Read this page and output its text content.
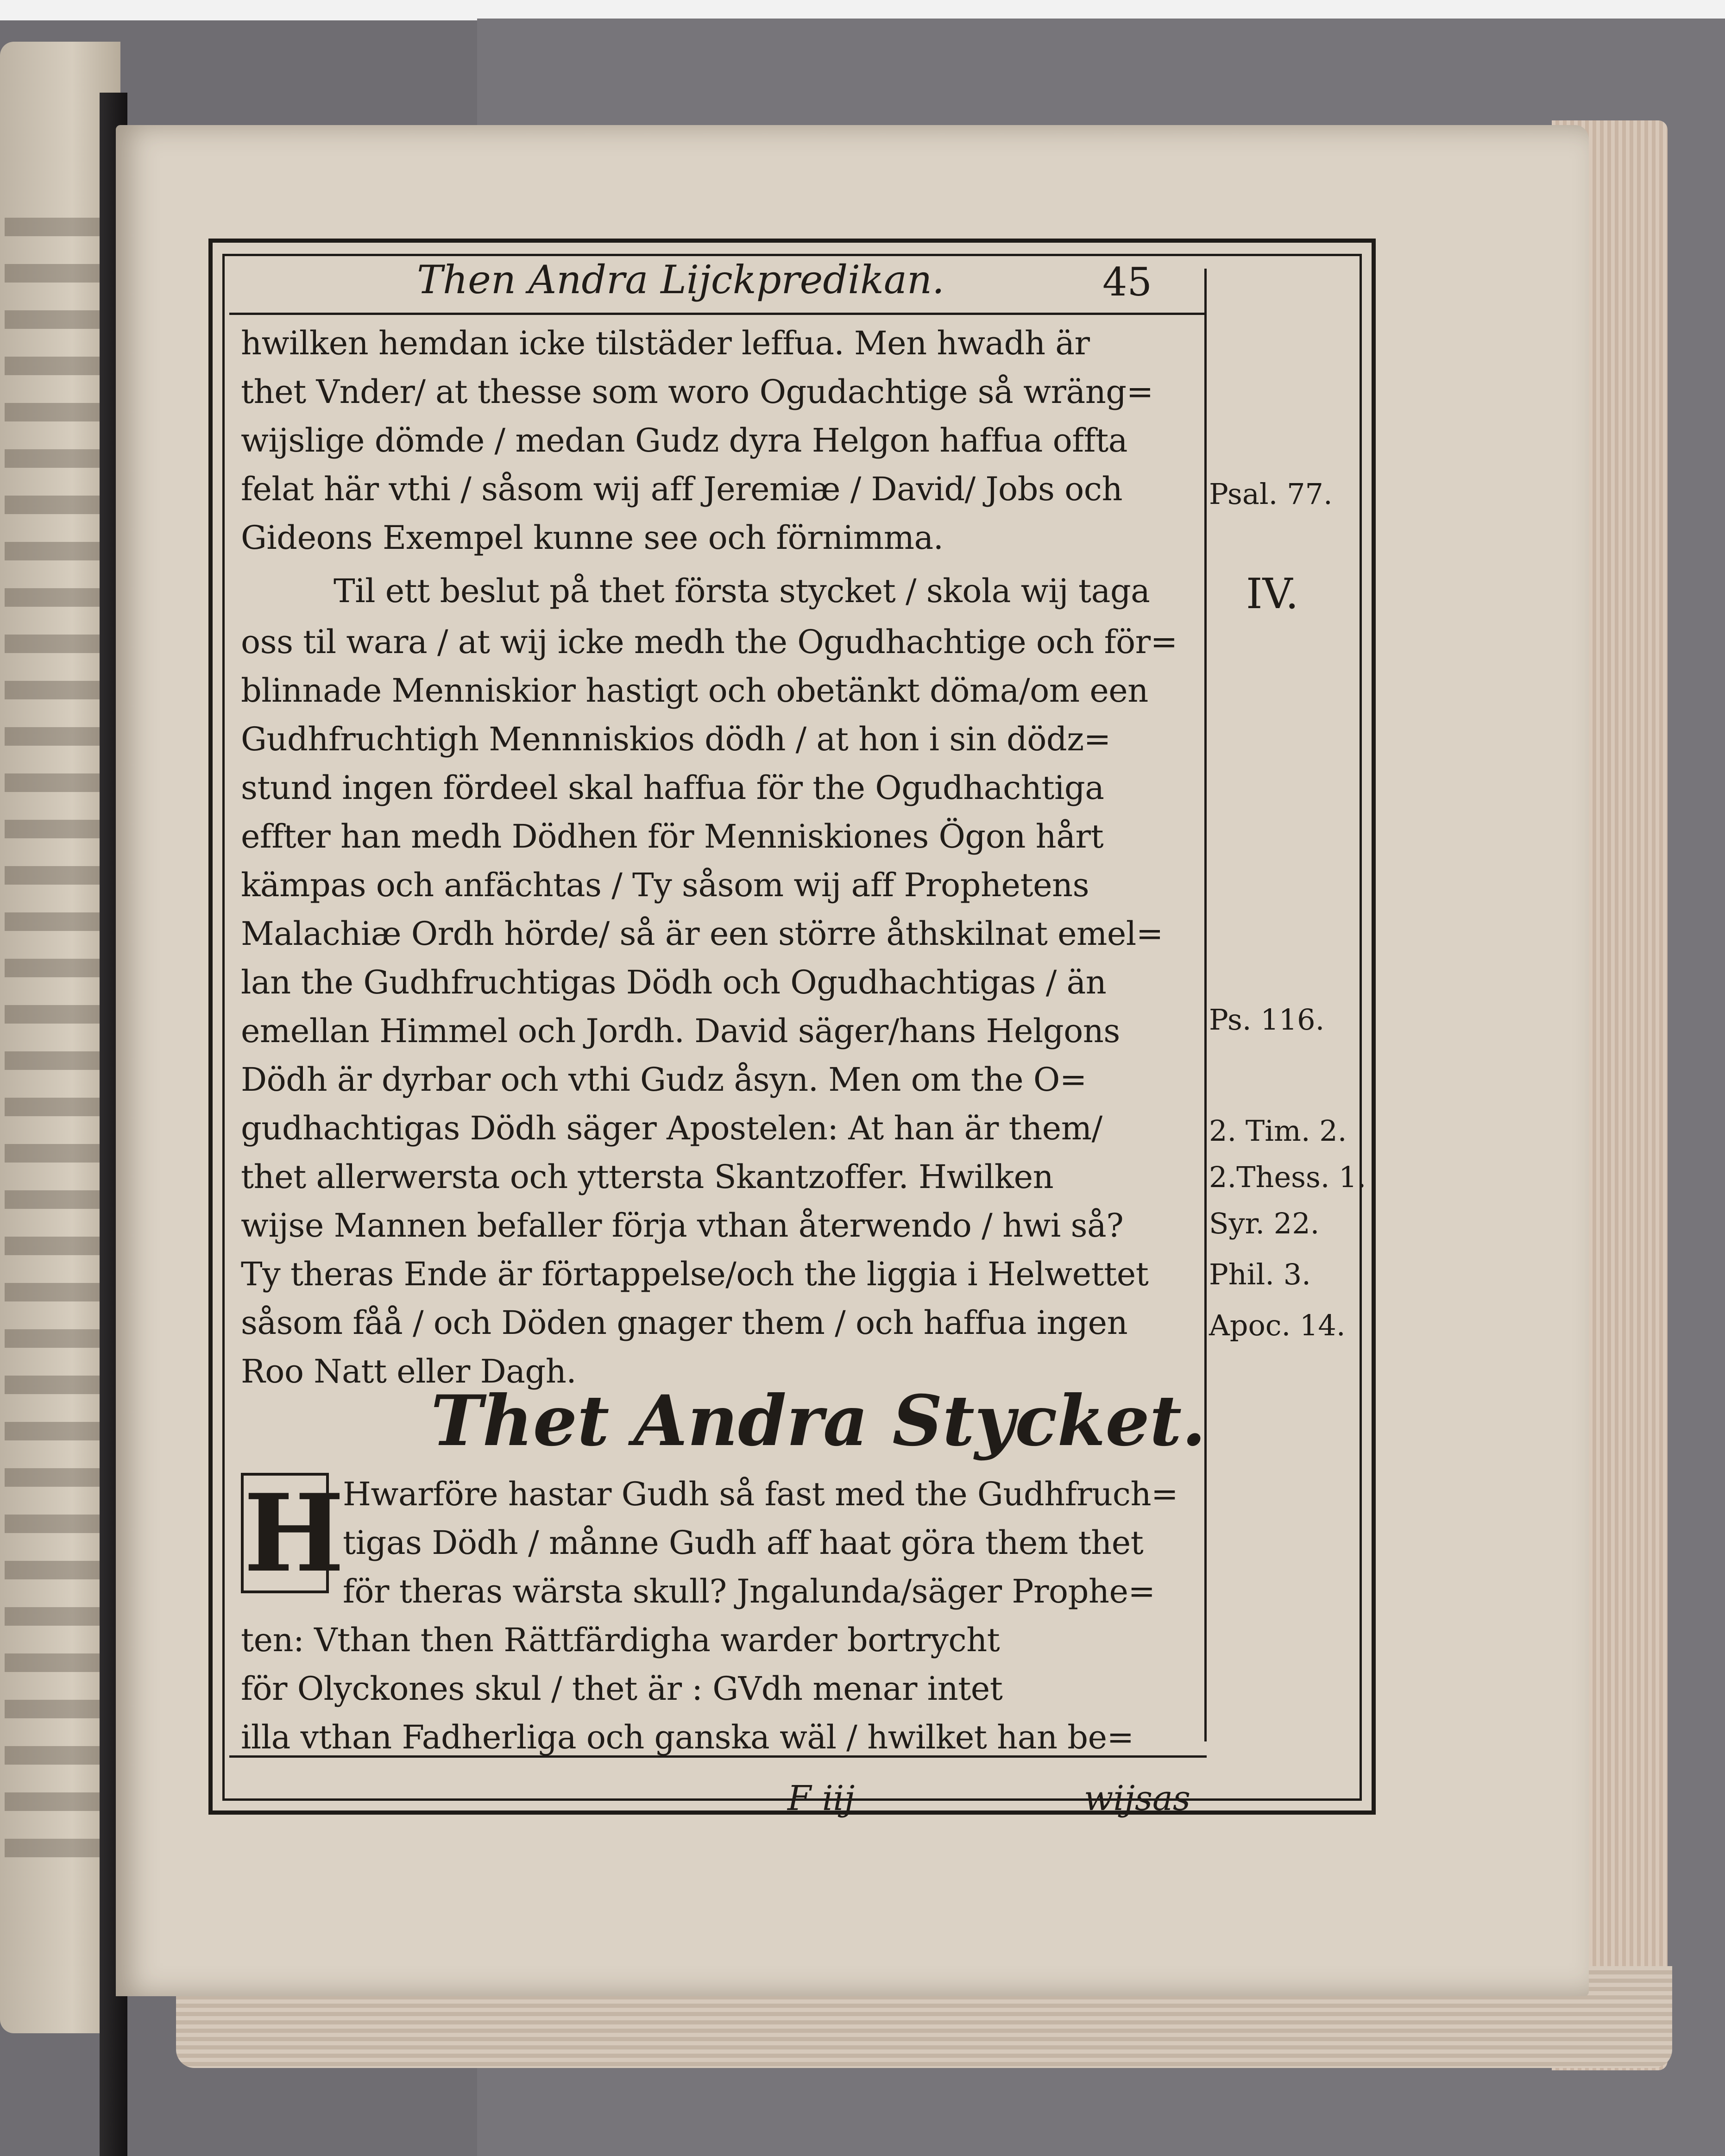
Then Andra Lijckpredikan.	45
hwilken hemdan icke tilstäder leffua. Men hwadh är
thet Vnder/ at thesse som woro Ogudachtige så wräng=
wijslige dömde / medan Gudz dyra Helgon haffua offta
felat här vthi / såsom wij aff Jeremiæ / David/ Jobs och
Gideons Exempel kunne see och förnimma.
Til ett beslut på thet första stycket / skola wij taga
oss til wara / at wij icke medh the Ogudhachtige och för=
blinnade Menniskior hastigt och obetänkt döma/om een
Gudhfruchtigh Mennniskios dödh / at hon i sin dödz=
stund ingen fördeel skal haffua för the Ogudhachtiga
effter han medh Dödhen för Menniskiones Ögon hårt
kämpas och anfächtas / Ty såsom wij aff Prophetens
Malachiæ Ordh hörde/ så är een större åthskilnat emel=
lan the Gudhfruchtigas Dödh och Ogudhachtigas / än
emellan Himmel och Jordh. David säger/hans Helgons
Dödh är dyrbar och vthi Gudz åsyn. Men om the O=
gudhachtigas Dödh säger Apostelen: At han är them/
thet allerwersta och yttersta Skantzoffer. Hwilken
wijse Mannen befaller förja vthan återwendo / hwi så?
Ty theras Ende är förtappelse/och the liggia i Helwettet
såsom fåå / och Döden gnager them / och haffua ingen
Roo Natt eller Dagh.
Thet Andra Stycket.
H
Hwarföre hastar Gudh så fast med the Gudhfruch=
tigas Dödh / månne Gudh aff haat göra them thet
för theras wärsta skull? Jngalunda/säger Prophe=
ten: Vthan then Rättfärdigha warder bortrycht
för Olyckones skul / thet är : GVdh menar intet
illa vthan Fadherliga och ganska wäl / hwilket han be=
F iij	wijsas
Psal. 77.
IV.
Ps. 116.
2. Tim. 2.
2.Thess. 1.
Syr. 22.
Phil. 3.
Apoc. 14.
